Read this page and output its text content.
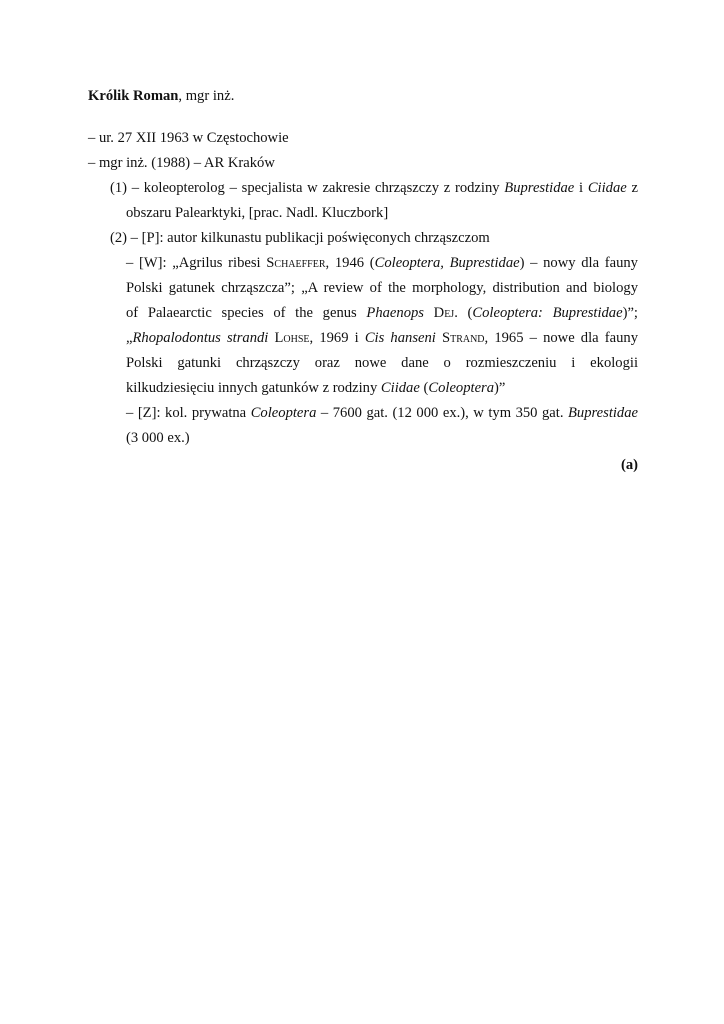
Królik Roman, mgr inż.
– ur. 27 XII 1963 w Częstochowie
– mgr inż. (1988) – AR Kraków
(1) – koleopterolog – specjalista w zakresie chrząszczy z rodziny Buprestidae i Ciidae z
obszaru Palearktyki, [prac. Nadl. Kluczbork]
(2) – [P]: autor kilkunastu publikacji poświęconych chrząszczom
– [W]: „Agrilus ribesi Schaeffer, 1946 (Coleoptera, Buprestidae) – nowy dla fauny
Polski gatunek chrząszcza”; „A review of the morphology, distribution and biology
of Palaearctic species of the genus Phaenops Dej. (Coleoptera: Buprestidae)”;
„Rhopalodontus strandi Lohse, 1969 i Cis hanseni Strand, 1965 – nowe dla fauny
Polski gatunki chrząszczy oraz nowe dane o rozmieszczeniu i ekologii
kilkudziesięciu innych gatunków z rodziny Ciidae (Coleoptera)”
– [Z]: kol. prywatna Coleoptera – 7600 gat. (12 000 ex.), w tym 350 gat. Buprestidae
(3 000 ex.)
(a)
